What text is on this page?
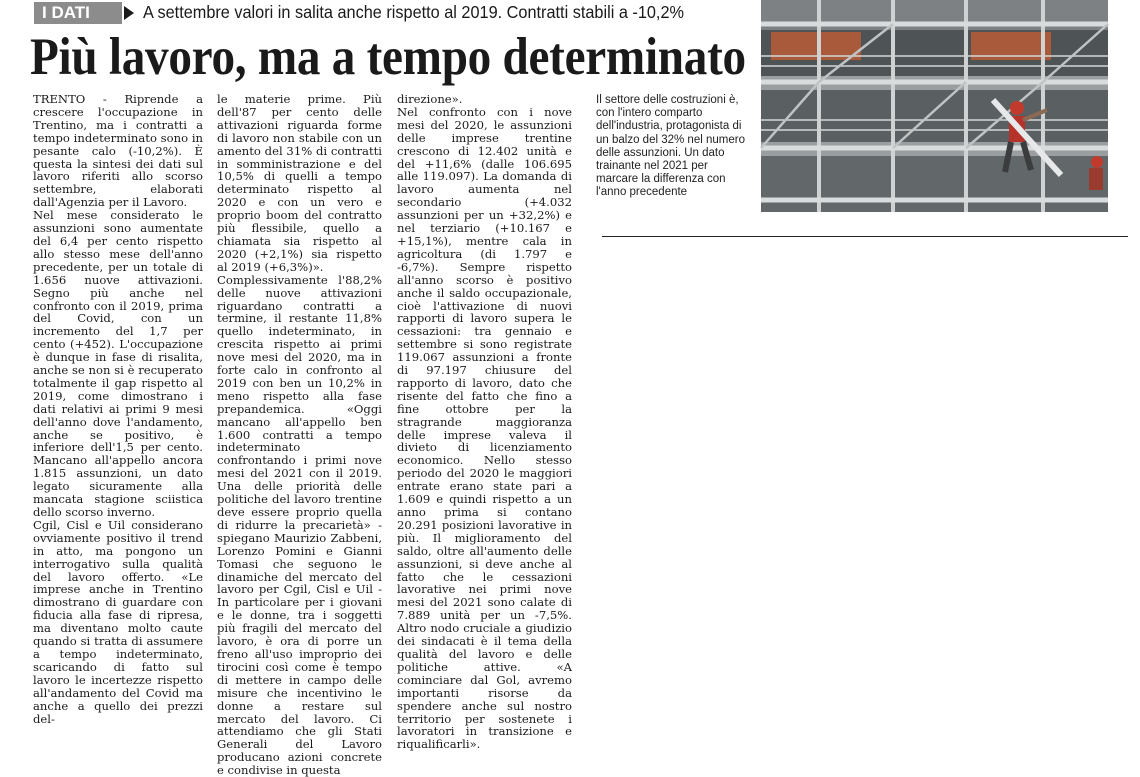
I DATI	A settembre valori in salita anche rispetto al 2019. Contratti stabili a -10,2%
Più lavoro, ma a tempo determinato

TRENTO - Riprende a crescere l'occupazione in Trentino, ma i contratti a tempo indeterminato sono in pesante calo (-10,2%). È questa la sintesi dei dati sul lavoro riferiti allo scorso settembre, elaborati dall'Agenzia per il Lavoro.

Nel mese considerato le assunzioni sono aumentate del 6,4 per cento rispetto allo stesso mese dell'anno precedente, per un totale di 1.656 nuove attivazioni. Segno più anche nel confronto con il 2019, prima del Covid, con un incremento del 1,7 per cento (+452). L'occupazione è dunque in fase di risalita, anche se non si è recuperato totalmente il gap rispetto al 2019, come dimostrano i dati relativi ai primi 9 mesi dell'anno dove l'andamento, anche se positivo, è inferiore dell'1,5 per cento. Mancano all'appello ancora 1.815 assunzioni, un dato legato sicuramente alla mancata stagione sciistica dello scorso inverno.

Cgil, Cisl e Uil considerano ovviamente positivo il trend in atto, ma pongono un interrogativo sulla qualità del lavoro offerto. «Le imprese anche in Trentino dimostrano di guardare con fiducia alla fase di ripresa, ma diventano molto caute quando si tratta di assumere a tempo indeterminato, scaricando di fatto sul lavoro le incertezze rispetto all'andamento del Covid ma anche a quello dei prezzi del-

le materie prime. Più dell'87 per cento delle attivazioni riguarda forme di lavoro non stabile con un amento del 31% di contratti in somministrazione e del 10,5% di quelli a tempo determinato rispetto al 2020 e con un vero e proprio boom del contratto più flessibile, quello a chiamata sia rispetto al 2020 (+2,1%) sia rispetto al 2019 (+6,3%)».

Complessivamente l'88,2% delle nuove attivazioni riguardano contratti a termine, il restante 11,8% quello indeterminato, in crescita rispetto ai primi nove mesi del 2020, ma in forte calo in confronto al 2019 con ben un 10,2% in meno rispetto alla fase prepandemica. «Oggi mancano all'appello ben 1.600 contratti a tempo indeterminato confrontando i primi nove mesi del 2021 con il 2019. Una delle priorità delle politiche del lavoro trentine deve essere proprio quella di ridurre la precarietà» - spiegano Maurizio Zabbeni, Lorenzo Pomini e Gianni Tomasi che seguono le dinamiche del mercato del lavoro per Cgil, Cisl e Uil - In particolare per i giovani e le donne, tra i soggetti più fragili del mercato del lavoro, è ora di porre un freno all'uso improprio dei tirocini così come è tempo di mettere in campo delle misure che incentivino le donne a restare sul mercato del lavoro. Ci attendiamo che gli Stati Generali del Lavoro producano azioni concrete e condivise in questa

direzione».

Nel confronto con i nove mesi del 2020, le assunzioni delle imprese trentine crescono di 12.402 unità e del +11,6% (dalle 106.695 alle 119.097). La domanda di lavoro aumenta nel secondario (+4.032 assunzioni per un +32,2%) e nel terziario (+10.167 e +15,1%), mentre cala in agricoltura (di 1.797 e -6,7%). Sempre rispetto all'anno scorso è positivo anche il saldo occupazionale, cioè l'attivazione di nuovi rapporti di lavoro supera le cessazioni: tra gennaio e settembre si sono registrate 119.067 assunzioni a fronte di 97.197 chiusure del rapporto di lavoro, dato che risente del fatto che fino a fine ottobre per la stragrande maggioranza delle imprese valeva il divieto di licenziamento economico. Nello stesso periodo del 2020 le maggiori entrate erano state pari a 1.609 e quindi rispetto a un anno prima si contano 20.291 posizioni lavorative in più. Il miglioramento del saldo, oltre all'aumento delle assunzioni, si deve anche al fatto che le cessazioni lavorative nei primi nove mesi del 2021 sono calate di 7.889 unità per un -7,5%. Altro nodo cruciale a giudizio dei sindacati è il tema della qualità del lavoro e delle politiche attive. «A cominciare dal Gol, avremo importanti risorse da spendere anche sul nostro territorio per sostenete i lavoratori in transizione e riqualificarli».

Il settore delle costruzioni è, con l'intero comparto dell'industria, protagonista di un balzo del 32% nel numero delle assunzioni. Un dato trainante nel 2021 per marcare la differenza con l'anno precedente
